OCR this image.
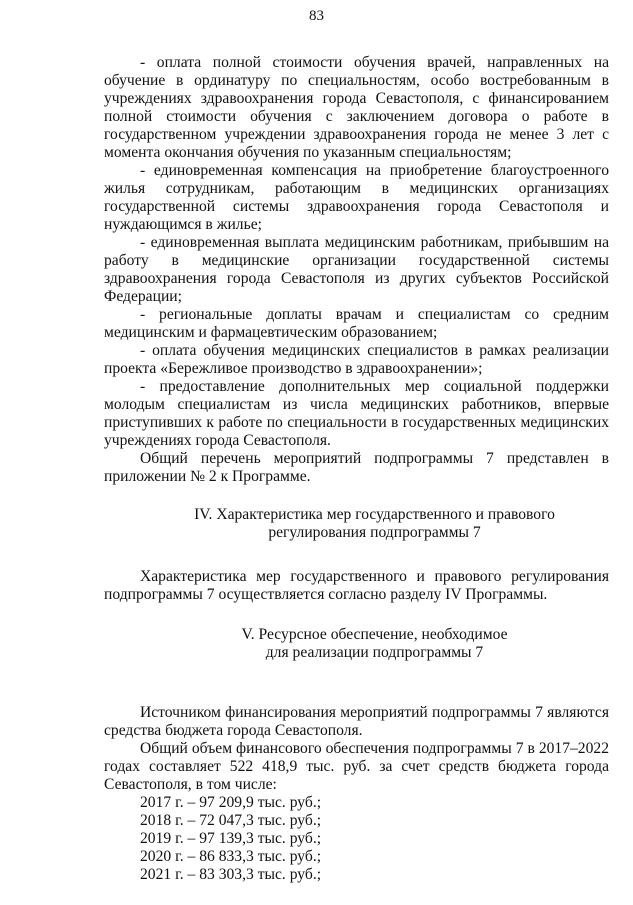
83

- оплата полной стоимости обучения врачей, направленных на обучение в ординатуру по специальностям, особо востребованным в учреждениях здравоохранения города Севастополя, с финансированием полной стоимости обучения с заключением договора о работе в государственном учреждении здравоохранения города не менее 3 лет с момента окончания обучения по указанным специальностям;

- единовременная компенсация на приобретение благоустроенного жилья сотрудникам, работающим в медицинских организациях государственной системы здравоохранения города Севастополя и нуждающимся в жилье;

- единовременная выплата медицинским работникам, прибывшим на работу в медицинские организации государственной системы здравоохранения города Севастополя из других субъектов Российской Федерации;

- региональные доплаты врачам и специалистам со средним медицинским и фармацевтическим образованием;

- оплата обучения медицинских специалистов в рамках реализации проекта «Бережливое производство в здравоохранении»;

- предоставление дополнительных мер социальной поддержки молодым специалистам из числа медицинских работников, впервые приступивших к работе по специальности в государственных медицинских учреждениях города Севастополя.

Общий перечень мероприятий подпрограммы 7 представлен в приложении № 2 к Программе.

IV. Характеристика мер государственного и правового
регулирования подпрограммы 7

Характеристика мер государственного и правового регулирования подпрограммы 7 осуществляется согласно разделу IV Программы.

V. Ресурсное обеспечение, необходимое
для реализации подпрограммы 7

Источником финансирования мероприятий подпрограммы 7 являются средства бюджета города Севастополя.

Общий объем финансового обеспечения подпрограммы 7 в 2017–2022 годах составляет 522 418,9 тыс. руб. за счет средств бюджета города Севастополя, в том числе:

2017 г. – 97 209,9 тыс. руб.;

2018 г. – 72 047,3 тыс. руб.;

2019 г. – 97 139,3 тыс. руб.;

2020 г. – 86 833,3 тыс. руб.;

2021 г. – 83 303,3 тыс. руб.;
